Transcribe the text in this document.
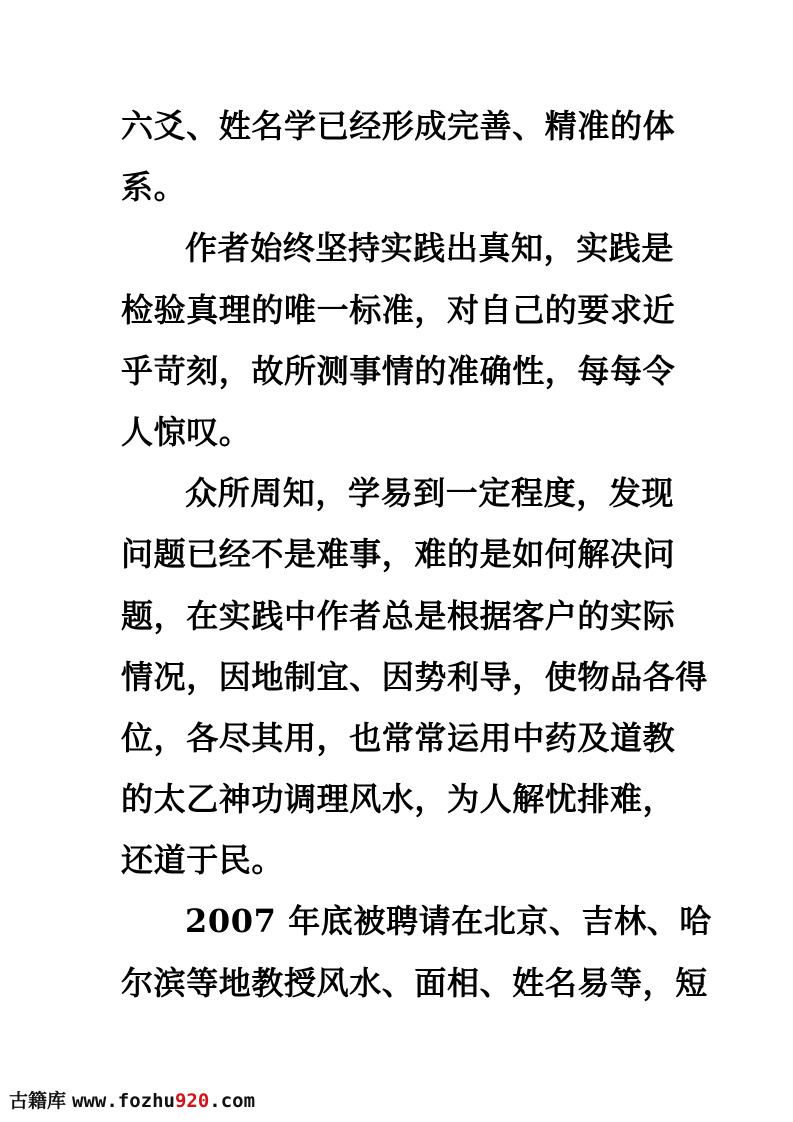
六爻、姓名学已经形成完善、精准的体
系。
作者始终坚持实践出真知，实践是
检验真理的唯一标准，对自己的要求近
乎苛刻，故所测事情的准确性，每每令
人惊叹。
众所周知，学易到一定程度，发现
问题已经不是难事，难的是如何解决问
题，在实践中作者总是根据客户的实际
情况，因地制宜、因势利导，使物品各得
位，各尽其用，也常常运用中药及道教
的太乙神功调理风水，为人解忧排难，
还道于民。
2007 年底被聘请在北京、吉林、哈
尔滨等地教授风水、面相、姓名易等，短
古籍库 www.fozhu920.com
